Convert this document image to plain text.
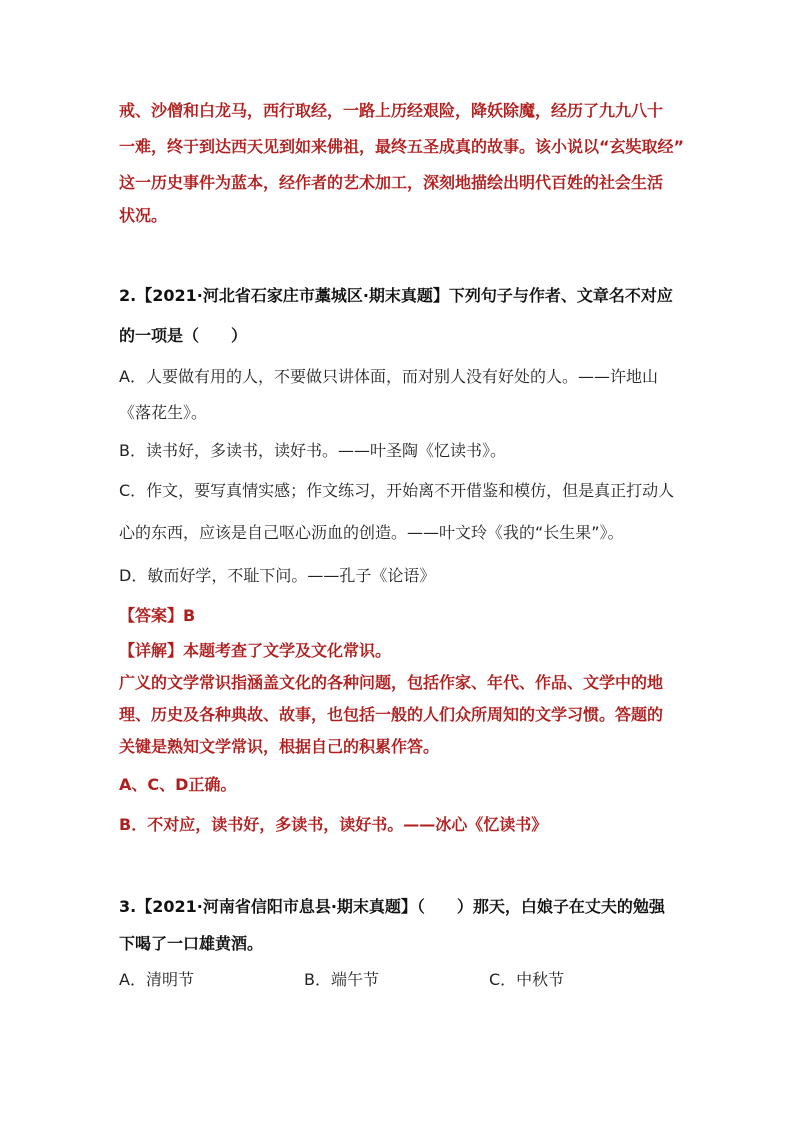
戒、沙僧和白龙马，西行取经，一路上历经艰险，降妖除魔，经历了九九八十
一难，终于到达西天见到如来佛祖，最终五圣成真的故事。该小说以“玄奘取经”
这一历史事件为蓝本，经作者的艺术加工，深刻地描绘出明代百姓的社会生活
状况。
2.【2021·河北省石家庄市藁城区·期末真题】下列句子与作者、文章名不对应
的一项是（　　）
A．人要做有用的人，不要做只讲体面，而对别人没有好处的人。——许地山
《落花生》。
B．读书好，多读书，读好书。——叶圣陶《忆读书》。
C．作文，要写真情实感；作文练习，开始离不开借鉴和模仿，但是真正打动人
心的东西，应该是自己呕心沥血的创造。——叶文玲《我的“长生果”》。
D．敏而好学，不耻下问。——孔子《论语》
【答案】B
【详解】本题考查了文学及文化常识。
广义的文学常识指涵盖文化的各种问题，包括作家、年代、作品、文学中的地
理、历史及各种典故、故事，也包括一般的人们众所周知的文学习惯。答题的
关键是熟知文学常识，根据自己的积累作答。
A、C、D正确。
B．不对应，读书好，多读书，读好书。——冰心《忆读书》
3.【2021·河南省信阳市息县·期末真题】（　　）那天，白娘子在丈夫的勉强
下喝了一口雄黄酒。
A．清明节	B．端午节	C．中秋节
